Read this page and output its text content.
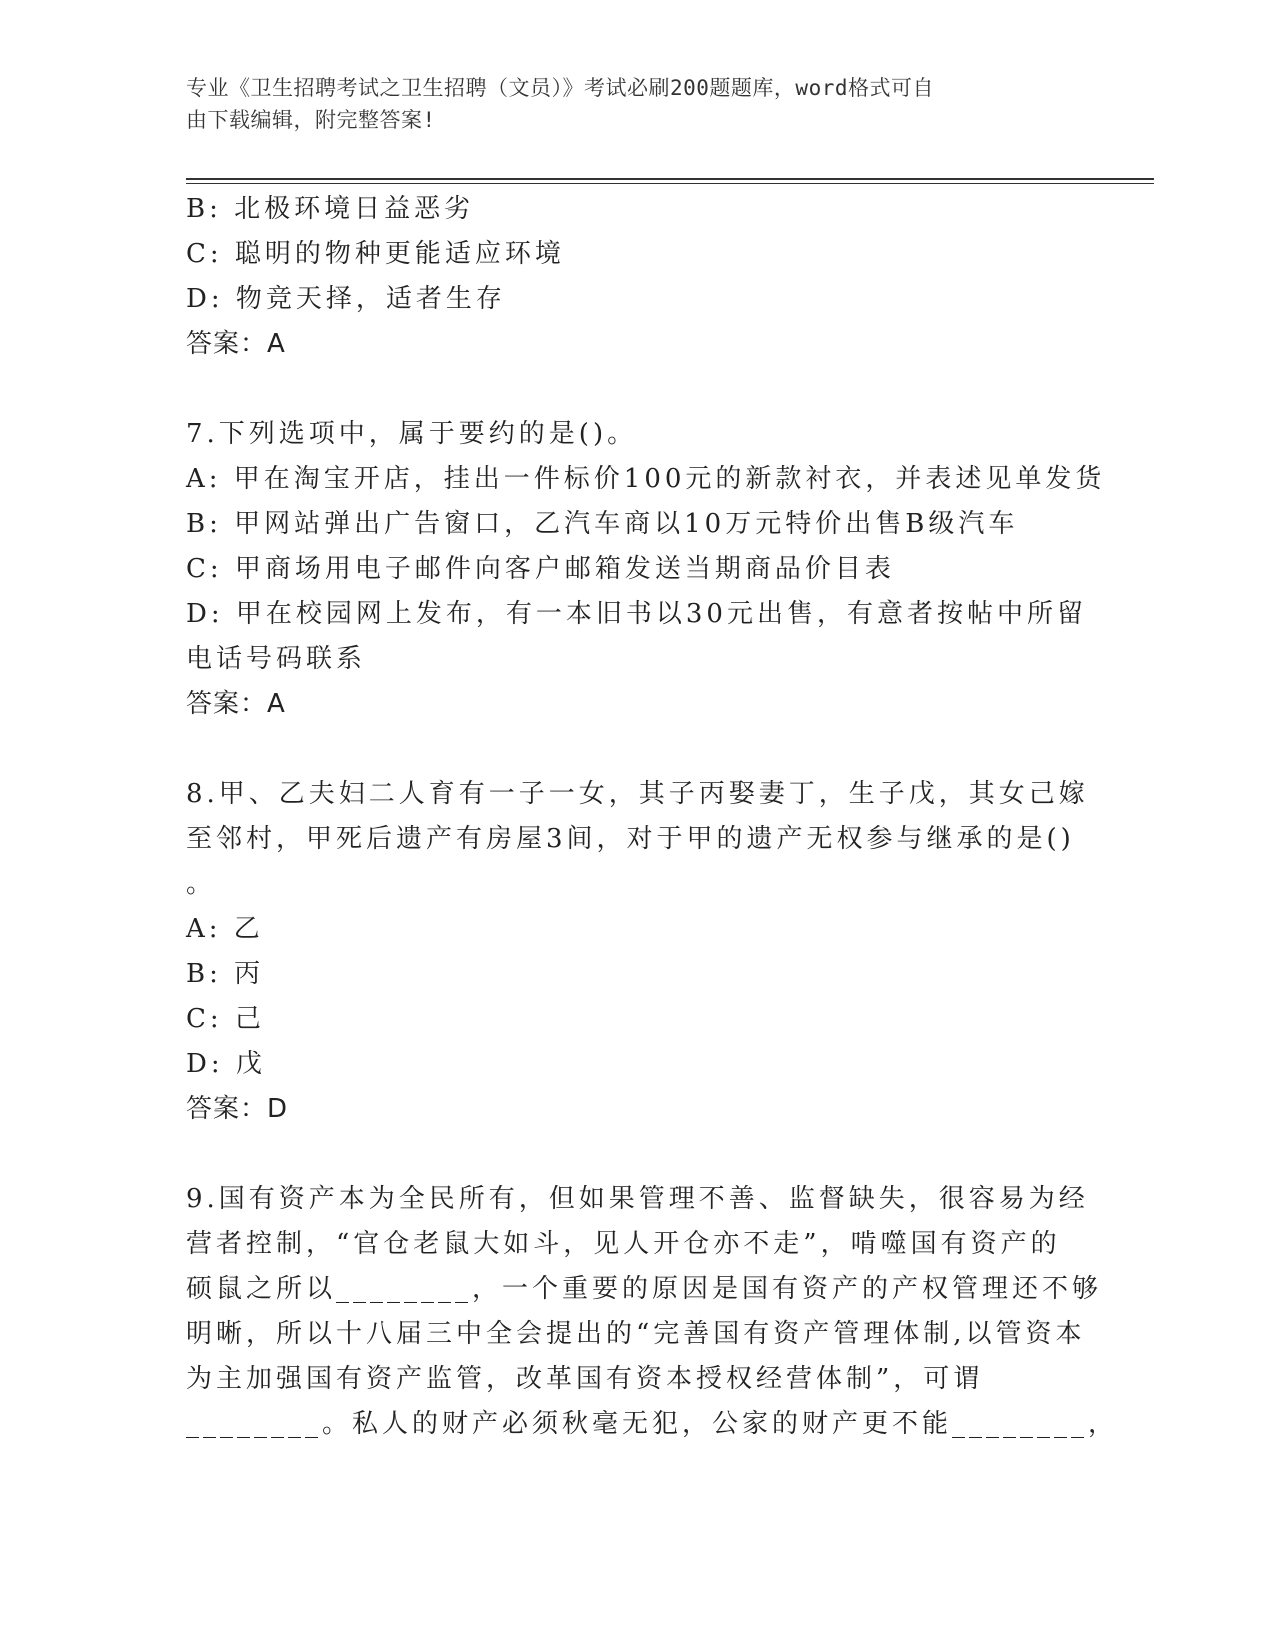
专业《卫生招聘考试之卫生招聘（文员）》考试必刷200题题库，word格式可自
由下载编辑，附完整答案!
B: 北极环境日益恶劣
C: 聪明的物种更能适应环境
D: 物竞天择，适者生存
答案：A
7.下列选项中，属于要约的是()。
A: 甲在淘宝开店，挂出一件标价100元的新款衬衣，并表述见单发货
B: 甲网站弹出广告窗口，乙汽车商以10万元特价出售B级汽车
C: 甲商场用电子邮件向客户邮箱发送当期商品价目表
D: 甲在校园网上发布，有一本旧书以30元出售，有意者按帖中所留
电话号码联系
答案：A
8.甲、乙夫妇二人育有一子一女，其子丙娶妻丁，生子戊，其女己嫁
至邻村，甲死后遗产有房屋3间，对于甲的遗产无权参与继承的是()
。
A: 乙
B: 丙
C: 己
D: 戊
答案：D
9.国有资产本为全民所有，但如果管理不善、监督缺失，很容易为经
营者控制，“官仓老鼠大如斗，见人开仓亦不走”，啃噬国有资产的
硕鼠之所以________，一个重要的原因是国有资产的产权管理还不够
明晰，所以十八届三中全会提出的“完善国有资产管理体制,以管资本
为主加强国有资产监管，改革国有资本授权经营体制”，可谓
________。私人的财产必须秋毫无犯，公家的财产更不能________，
